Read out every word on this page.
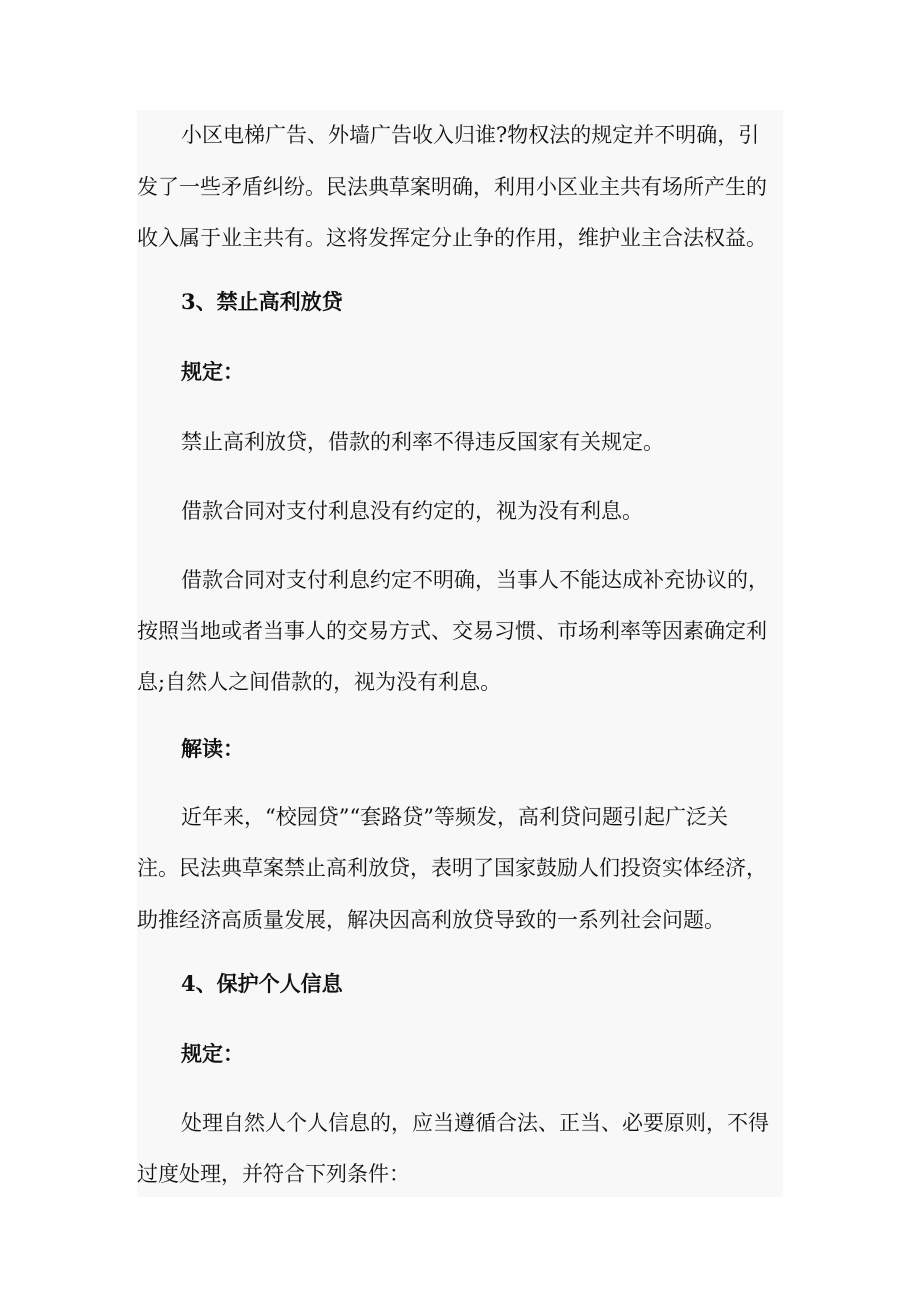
小区电梯广告、外墙广告收入归谁?物权法的规定并不明确，引

发了一些矛盾纠纷。民法典草案明确，利用小区业主共有场所产生的

收入属于业主共有。这将发挥定分止争的作用，维护业主合法权益。

3、禁止高利放贷

规定：

禁止高利放贷，借款的利率不得违反国家有关规定。

借款合同对支付利息没有约定的，视为没有利息。

借款合同对支付利息约定不明确，当事人不能达成补充协议的，

按照当地或者当事人的交易方式、交易习惯、市场利率等因素确定利

息;自然人之间借款的，视为没有利息。

解读：

近年来，“校园贷”“套路贷”等频发，高利贷问题引起广泛关

注。民法典草案禁止高利放贷，表明了国家鼓励人们投资实体经济，

助推经济高质量发展，解决因高利放贷导致的一系列社会问题。

4、保护个人信息

规定：

处理自然人个人信息的，应当遵循合法、正当、必要原则，不得

过度处理，并符合下列条件：
